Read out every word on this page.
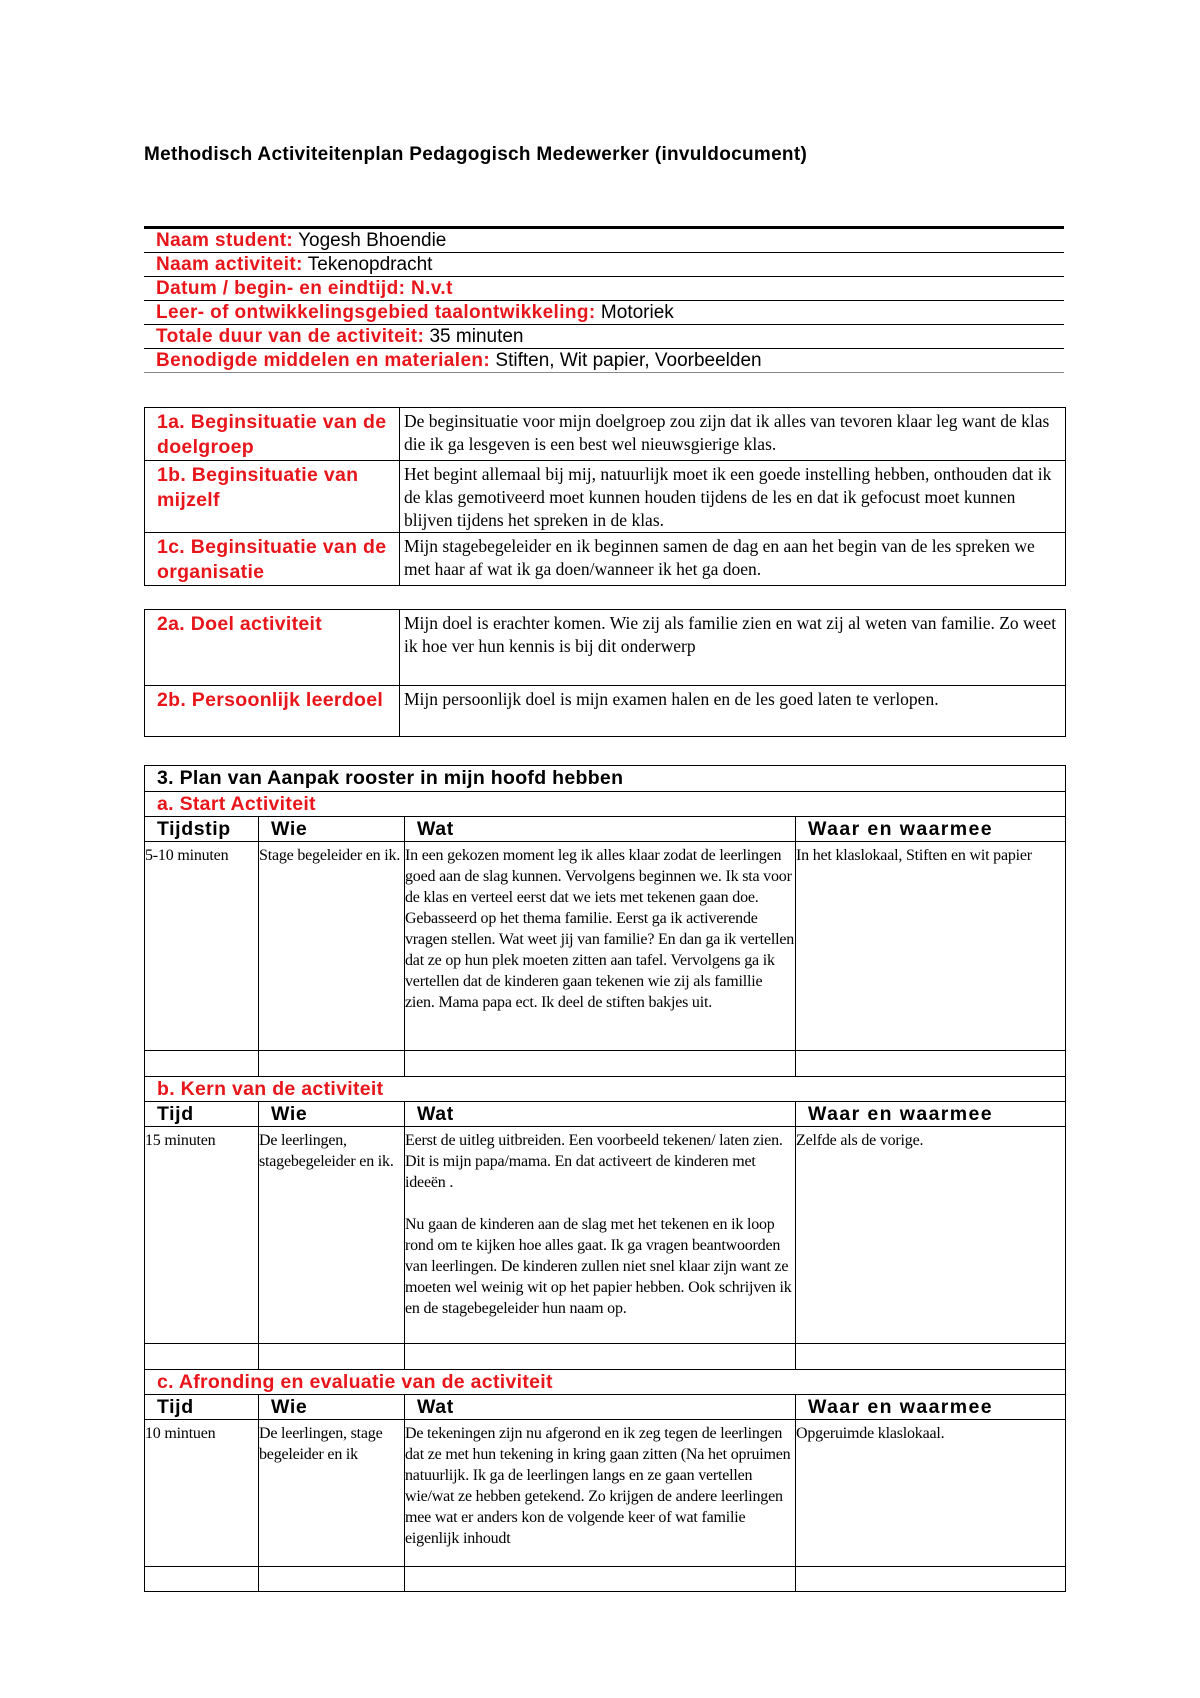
Methodisch Activiteitenplan Pedagogisch Medewerker (invuldocument)
Naam student: Yogesh Bhoendie
Naam activiteit: Tekenopdracht
Datum / begin- en eindtijd: N.v.t
Leer- of ontwikkelingsgebied taalontwikkeling: Motoriek
Totale duur van de activiteit: 35 minuten
Benodigde middelen en materialen: Stiften, Wit papier, Voorbeelden
1a. Beginsituatie van de doelgroep	De beginsituatie voor mijn doelgroep zou zijn dat ik alles van tevoren klaar leg want de klas die ik ga lesgeven is een best wel nieuwsgierige klas.
1b. Beginsituatie van mijzelf	Het begint allemaal bij mij, natuurlijk moet ik een goede instelling hebben, onthouden dat ik de klas gemotiveerd moet kunnen houden tijdens de les en dat ik gefocust moet kunnen blijven tijdens het spreken in de klas.
1c. Beginsituatie van de organisatie	Mijn stagebegeleider en ik beginnen samen de dag en aan het begin van de les spreken we met haar af wat ik ga doen/wanneer ik het ga doen.
2a. Doel activiteit	Mijn doel is erachter komen. Wie zij als familie zien en wat zij al weten van familie. Zo weet ik hoe ver hun kennis is bij dit onderwerp
2b. Persoonlijk leerdoel	Mijn persoonlijk doel is mijn examen halen en de les goed laten te verlopen.
3. Plan van Aanpak rooster in mijn hoofd hebben			
a. Start Activiteit			
Tijdstip	Wie	Wat	Waar en waarmee
5-10 minuten	Stage begeleider en ik.	In een gekozen moment leg ik alles klaar zodat de leerlingen goed aan de slag kunnen. Vervolgens beginnen we. Ik sta voor de klas en verteel eerst dat we iets met tekenen gaan doe. Gebasseerd op het thema familie. Eerst ga ik activerende vragen stellen. Wat weet jij van familie? En dan ga ik vertellen dat ze op hun plek moeten zitten aan tafel. Vervolgens ga ik vertellen dat de kinderen gaan tekenen wie zij als famillie zien. Mama papa ect. Ik deel de stiften bakjes uit.	In het klaslokaal, Stiften en wit papier

b. Kern van de activiteit			
Tijd	Wie	Wat	Waar en waarmee
15 minuten	De leerlingen, stagebegeleider en ik.	Eerst de uitleg uitbreiden. Een voorbeeld tekenen/ laten zien. Dit is mijn papa/mama. En dat activeert de kinderen met ideeën .
Nu gaan de kinderen aan de slag met het tekenen en ik loop rond om te kijken hoe alles gaat. Ik ga vragen beantwoorden van leerlingen. De kinderen zullen niet snel klaar zijn want ze moeten wel weinig wit op het papier hebben. Ook schrijven ik en de stagebegeleider hun naam op.	Zelfde als de vorige.

c. Afronding en evaluatie van de activiteit			
Tijd	Wie	Wat	Waar en waarmee
10 mintuen	De leerlingen, stage begeleider en ik	De tekeningen zijn nu afgerond en ik zeg tegen de leerlingen dat ze met hun tekening in kring gaan zitten (Na het opruimen natuurlijk. Ik ga de leerlingen langs en ze gaan vertellen wie/wat ze hebben getekend. Zo krijgen de andere leerlingen mee wat er anders kon de volgende keer of wat familie eigenlijk inhoudt	Opgeruimde klaslokaal.
